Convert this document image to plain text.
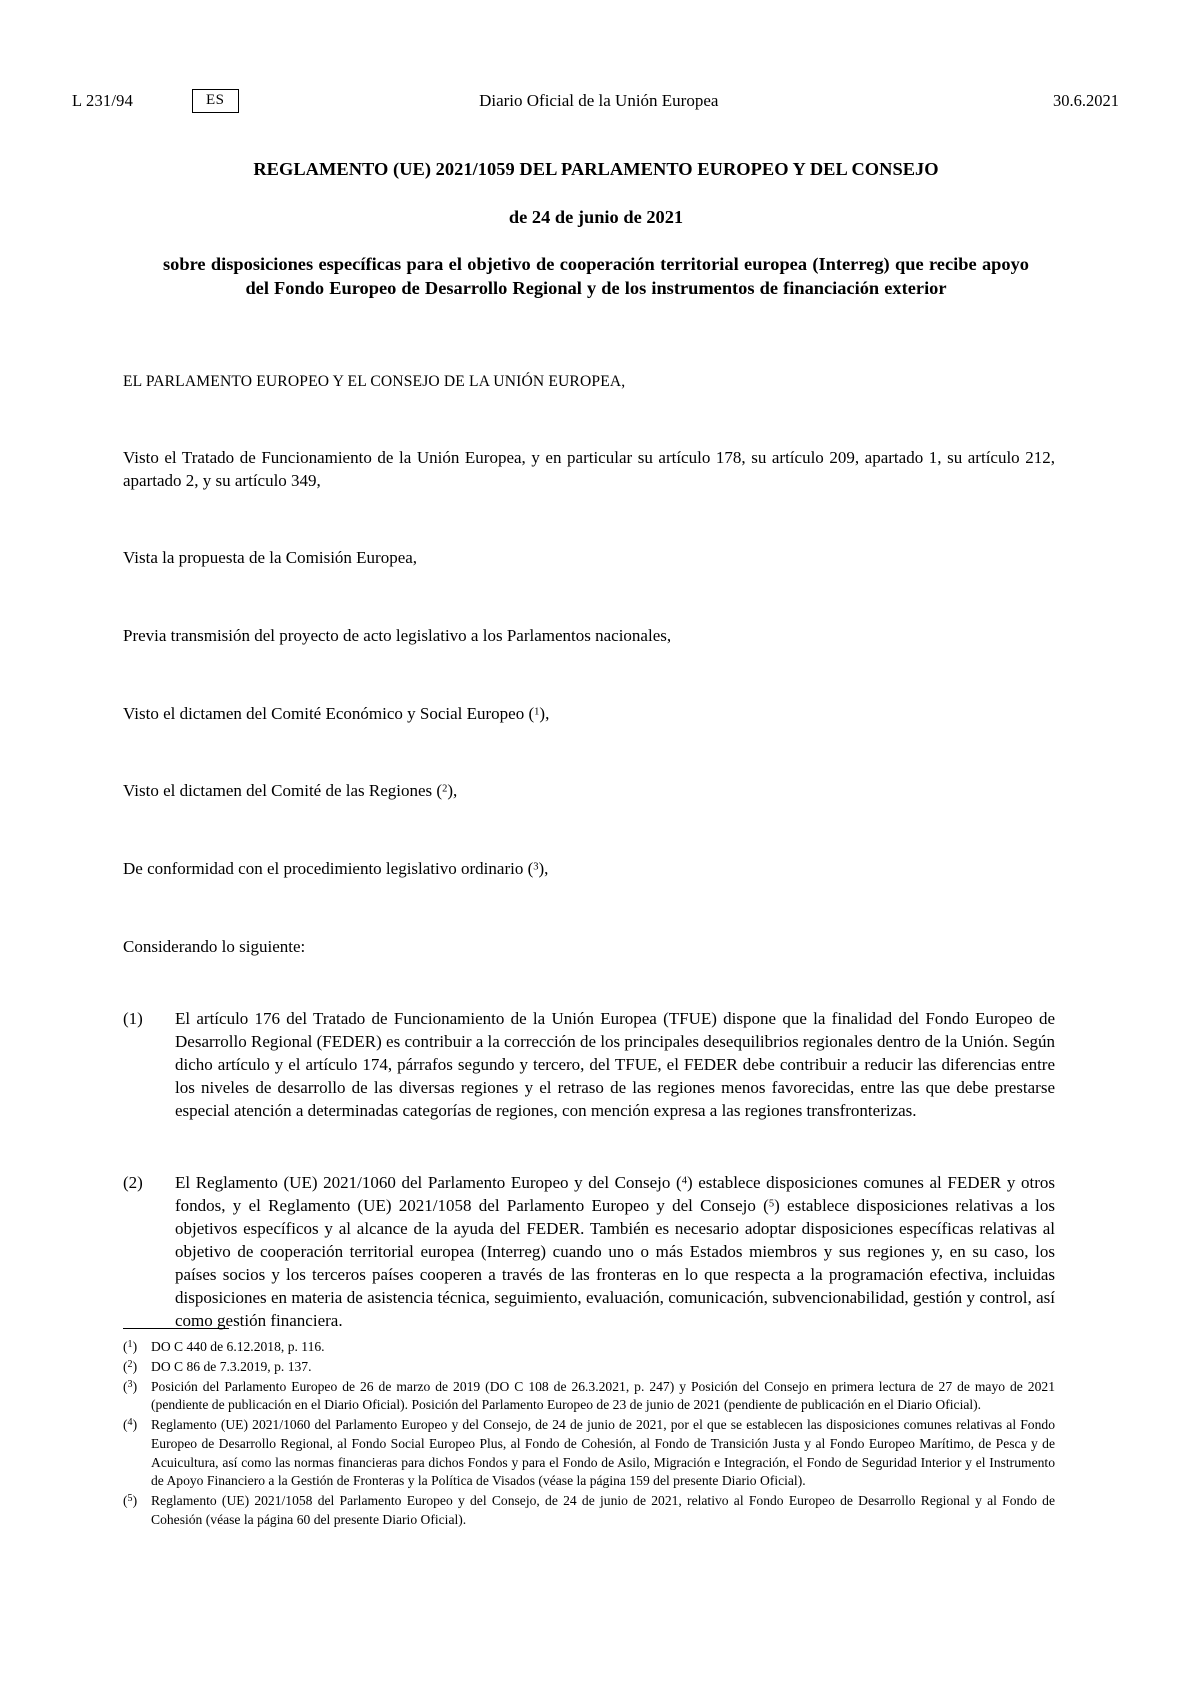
L 231/94	ES	Diario Oficial de la Unión Europea	30.6.2021
REGLAMENTO (UE) 2021/1059 DEL PARLAMENTO EUROPEO Y DEL CONSEJO
de 24 de junio de 2021
sobre disposiciones específicas para el objetivo de cooperación territorial europea (Interreg) que recibe apoyo del Fondo Europeo de Desarrollo Regional y de los instrumentos de financiación exterior
EL PARLAMENTO EUROPEO Y EL CONSEJO DE LA UNIÓN EUROPEA,
Visto el Tratado de Funcionamiento de la Unión Europea, y en particular su artículo 178, su artículo 209, apartado 1, su artículo 212, apartado 2, y su artículo 349,
Vista la propuesta de la Comisión Europea,
Previa transmisión del proyecto de acto legislativo a los Parlamentos nacionales,
Visto el dictamen del Comité Económico y Social Europeo ($^1$),
Visto el dictamen del Comité de las Regiones ($^2$),
De conformidad con el procedimiento legislativo ordinario ($^3$),
Considerando lo siguiente:
(1)	El artículo 176 del Tratado de Funcionamiento de la Unión Europea (TFUE) dispone que la finalidad del Fondo Europeo de Desarrollo Regional (FEDER) es contribuir a la corrección de los principales desequilibrios regionales dentro de la Unión. Según dicho artículo y el artículo 174, párrafos segundo y tercero, del TFUE, el FEDER debe contribuir a reducir las diferencias entre los niveles de desarrollo de las diversas regiones y el retraso de las regiones menos favorecidas, entre las que debe prestarse especial atención a determinadas categorías de regiones, con mención expresa a las regiones transfronterizas.
(2)	El Reglamento (UE) 2021/1060 del Parlamento Europeo y del Consejo ($^4$) establece disposiciones comunes al FEDER y otros fondos, y el Reglamento (UE) 2021/1058 del Parlamento Europeo y del Consejo ($^5$) establece disposiciones relativas a los objetivos específicos y al alcance de la ayuda del FEDER. También es necesario adoptar disposiciones específicas relativas al objetivo de cooperación territorial europea (Interreg) cuando uno o más Estados miembros y sus regiones y, en su caso, los países socios y los terceros países cooperen a través de las fronteras en lo que respecta a la programación efectiva, incluidas disposiciones en materia de asistencia técnica, seguimiento, evaluación, comunicación, subvencionabilidad, gestión y control, así como gestión financiera.
($^1$)	DO C 440 de 6.12.2018, p. 116.
($^2$)	DO C 86 de 7.3.2019, p. 137.
($^3$)	Posición del Parlamento Europeo de 26 de marzo de 2019 (DO C 108 de 26.3.2021, p. 247) y Posición del Consejo en primera lectura de 27 de mayo de 2021 (pendiente de publicación en el Diario Oficial). Posición del Parlamento Europeo de 23 de junio de 2021 (pendiente de publicación en el Diario Oficial).
($^4$)	Reglamento (UE) 2021/1060 del Parlamento Europeo y del Consejo, de 24 de junio de 2021, por el que se establecen las disposiciones comunes relativas al Fondo Europeo de Desarrollo Regional, al Fondo Social Europeo Plus, al Fondo de Cohesión, al Fondo de Transición Justa y al Fondo Europeo Marítimo, de Pesca y de Acuicultura, así como las normas financieras para dichos Fondos y para el Fondo de Asilo, Migración e Integración, el Fondo de Seguridad Interior y el Instrumento de Apoyo Financiero a la Gestión de Fronteras y la Política de Visados (véase la página 159 del presente Diario Oficial).
($^5$)	Reglamento (UE) 2021/1058 del Parlamento Europeo y del Consejo, de 24 de junio de 2021, relativo al Fondo Europeo de Desarrollo Regional y al Fondo de Cohesión (véase la página 60 del presente Diario Oficial).
